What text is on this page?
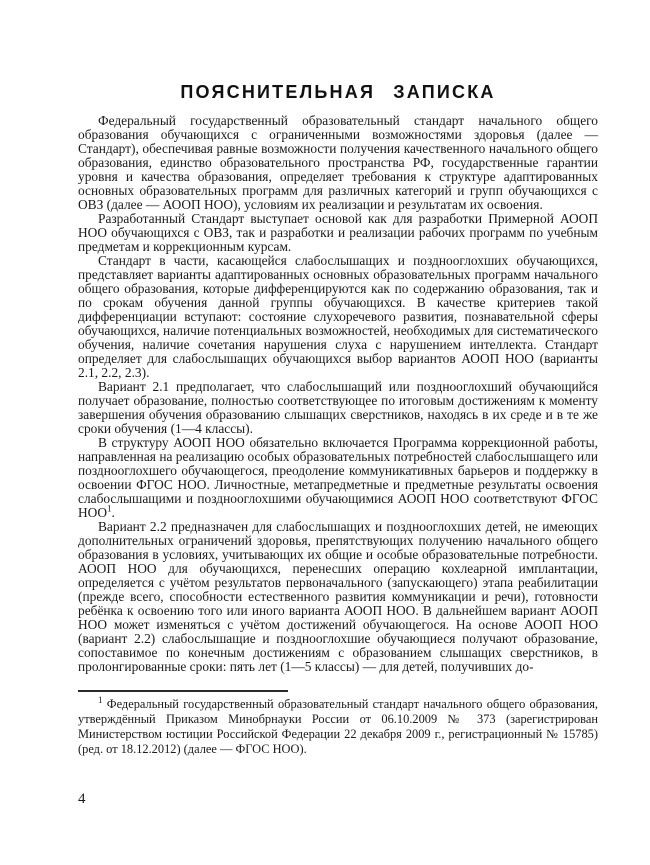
ПОЯСНИТЕЛЬНАЯ ЗАПИСКА

Федеральный государственный образовательный стандарт начального общего образования обучающихся с ограниченными возможностями здоровья (далее — Стандарт), обеспечивая равные возможности получения качественного начального общего образования, единство образовательного пространства РФ, государственные гарантии уровня и качества образования, определяет требования к структуре адаптированных основных образовательных программ для различных категорий и групп обучающихся с ОВЗ (далее — АООП НОО), условиям их реализации и результатам их освоения.

Разработанный Стандарт выступает основой как для разработки Примерной АООП НОО обучающихся с ОВЗ, так и разработки и реализации рабочих программ по учебным предметам и коррекционным курсам.

Стандарт в части, касающейся слабослышащих и позднооглохших обучающихся, представляет варианты адаптированных основных образовательных программ начального общего образования, которые дифференцируются как по содержанию образования, так и по срокам обучения данной группы обучающихся. В качестве критериев такой дифференциации вступают: состояние слухоречевого развития, познавательной сферы обучающихся, наличие потенциальных возможностей, необходимых для систематического обучения, наличие сочетания нарушения слуха с нарушением интеллекта. Стандарт определяет для слабослышащих обучающихся выбор вариантов АООП НОО (варианты 2.1, 2.2, 2.3).

Вариант 2.1 предполагает, что слабослышащий или позднооглохший обучающийся получает образование, полностью соответствующее по итоговым достижениям к моменту завершения обучения образованию слышащих сверстников, находясь в их среде и в те же сроки обучения (1—4 классы).

В структуру АООП НОО обязательно включается Программа коррекционной работы, направленная на реализацию особых образовательных потребностей слабослышащего или позднооглохшего обучающегося, преодоление коммуникативных барьеров и поддержку в освоении ФГОС НОО. Личностные, метапредметные и предметные результаты освоения слабослышащими и позднооглохшими обучающимися АООП НОО соответствуют ФГОС НОО$^1$.

Вариант 2.2 предназначен для слабослышащих и позднооглохших детей, не имеющих дополнительных ограничений здоровья, препятствующих получению начального общего образования в условиях, учитывающих их общие и особые образовательные потребности. АООП НОО для обучающихся, перенесших операцию кохлеарной имплантации, определяется с учётом результатов первоначального (запускающего) этапа реабилитации (прежде всего, способности естественного развития коммуникации и речи), готовности ребёнка к освоению того или иного варианта АООП НОО. В дальнейшем вариант АООП НОО может изменяться с учётом достижений обучающегося. На основе АООП НОО (вариант 2.2) слабослышащие и позднооглохшие обучающиеся получают образование, сопоставимое по конечным достижениям с образованием слышащих сверстников, в пролонгированные сроки: пять лет (1—5 классы) — для детей, получивших до-

$^1$ Федеральный государственный образовательный стандарт начального общего образования, утверждённый Приказом Минобрнауки России от 06.10.2009 № 373 (зарегистрирован Министерством юстиции Российской Федерации 22 декабря 2009 г., регистрационный № 15785) (ред. от 18.12.2012) (далее — ФГОС НОО).

4
